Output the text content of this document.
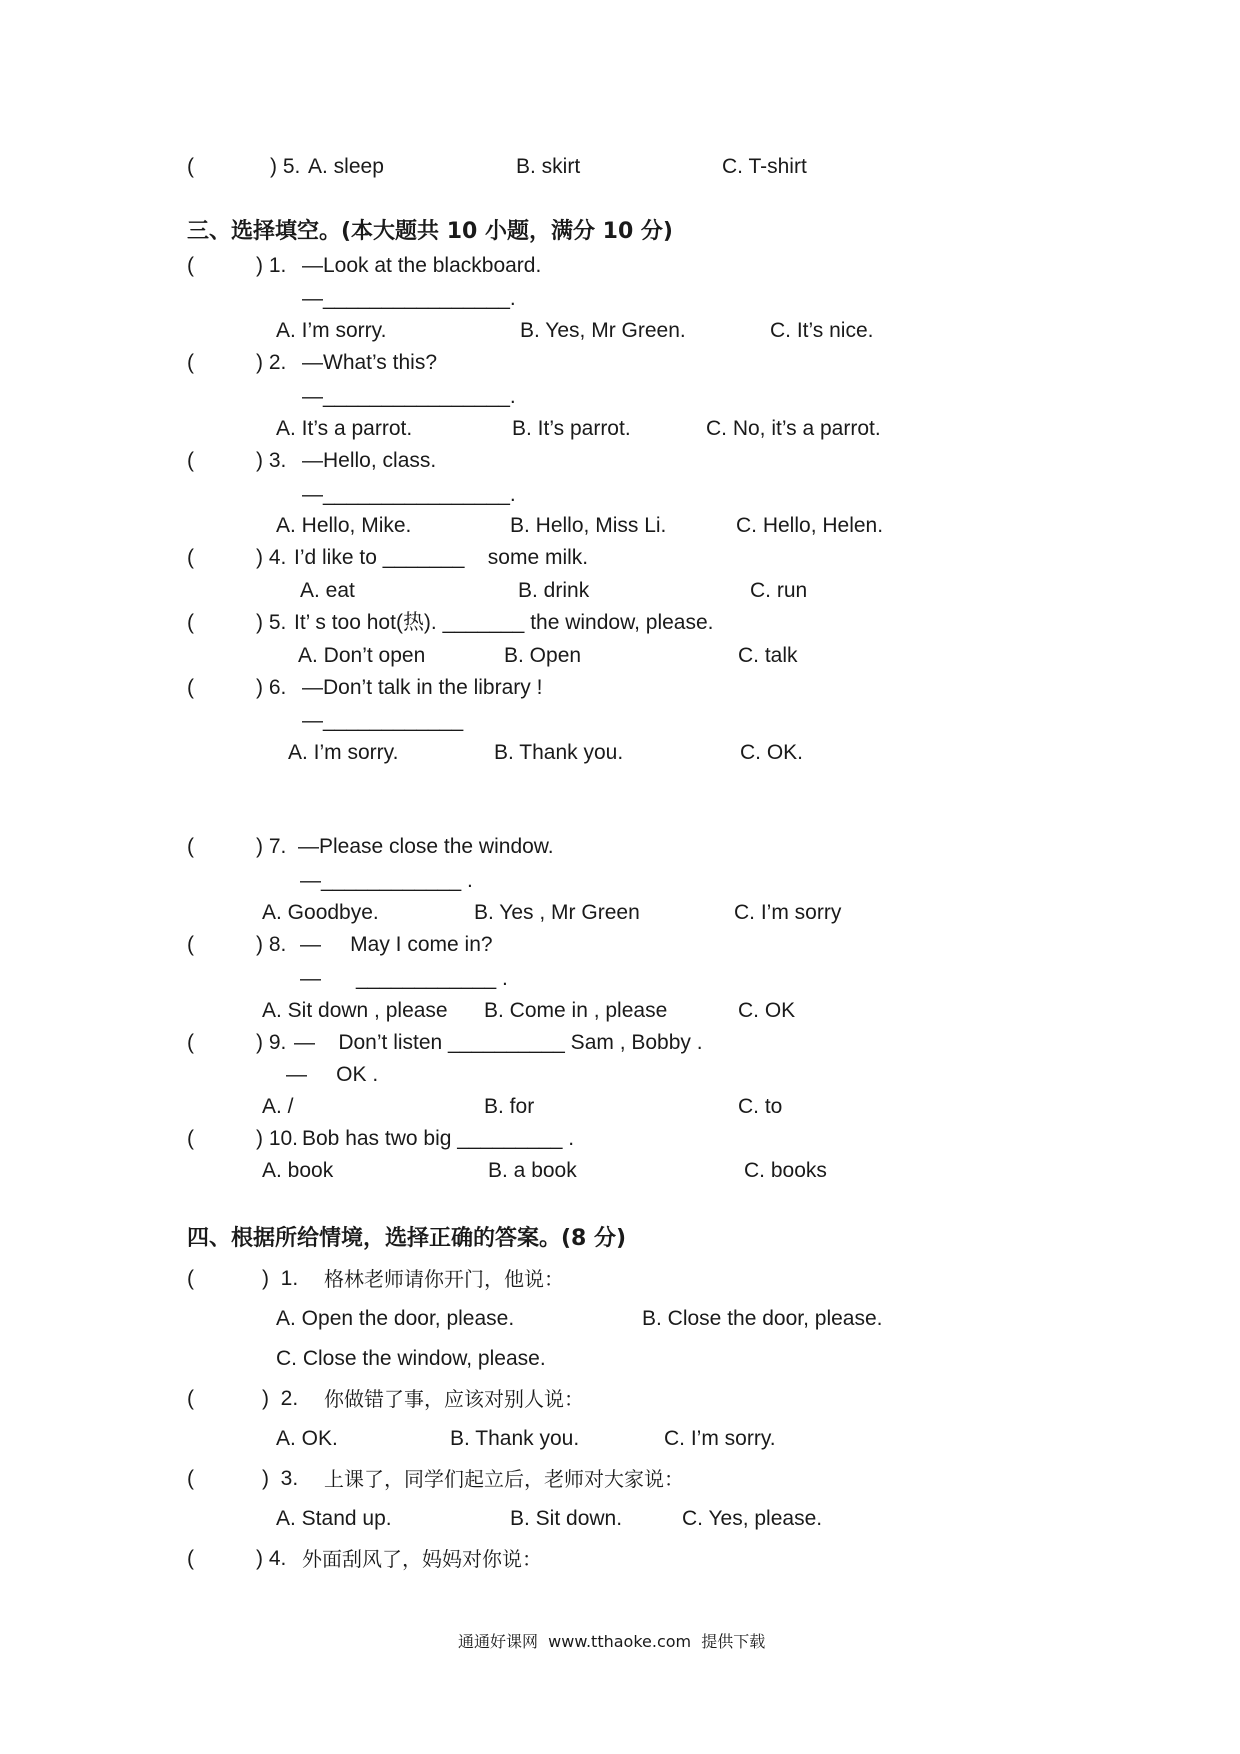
(	) 5. A. sleep	B. skirt	C. T-shirt
三、选择填空。(本大题共 10 小题，满分 10 分)
(	) 1. —Look at the blackboard.
—________________.
A. I’m sorry.	B. Yes, Mr Green.	C. It’s nice.
(	) 2. —What’s this?
—________________.
A. It’s a parrot.	B. It’s parrot.	C. No, it’s a parrot.
(	) 3. —Hello, class.
—________________.
A. Hello, Mike.	B. Hello, Miss Li.	C. Hello, Helen.
(	) 4. I’d like to _______    some milk.
A. eat	B. drink	C. run
(	) 5. It’ s too hot(热). _______ the window, please.
A. Don’t open	B. Open	C. talk
(	) 6. —Don’t talk in the library !
—____________
A. I’m sorry.	B. Thank you.	C. OK.
(	) 7. —Please close the window.
—____________ .
A. Goodbye.	B. Yes , Mr Green	C. I’m sorry
(	) 8. —     May I come in?
—      ____________ .
A. Sit down , please B. Come in , please	C. OK
(	) 9. —    Don’t listen __________ Sam , Bobby .
—     OK .
A. /	B. for	C. to
(	) 10. Bob has two big _________ .
A. book	B. a book	C. books
四、根据所给情境，选择正确的答案。(8 分)
(	)  1. 格林老师请你开门，他说：
A. Open the door, please.	B. Close the door, please.
C. Close the window, please.
(	)  2. 你做错了事，应该对别人说：
A. OK.	B. Thank you.	C. I’m sorry.
(	)  3. 上课了，同学们起立后，老师对大家说：
A. Stand up.	B. Sit down.	C. Yes, please.
(	) 4. 外面刮风了，妈妈对你说：
通通好课网  www.tthaoke.com  提供下载
